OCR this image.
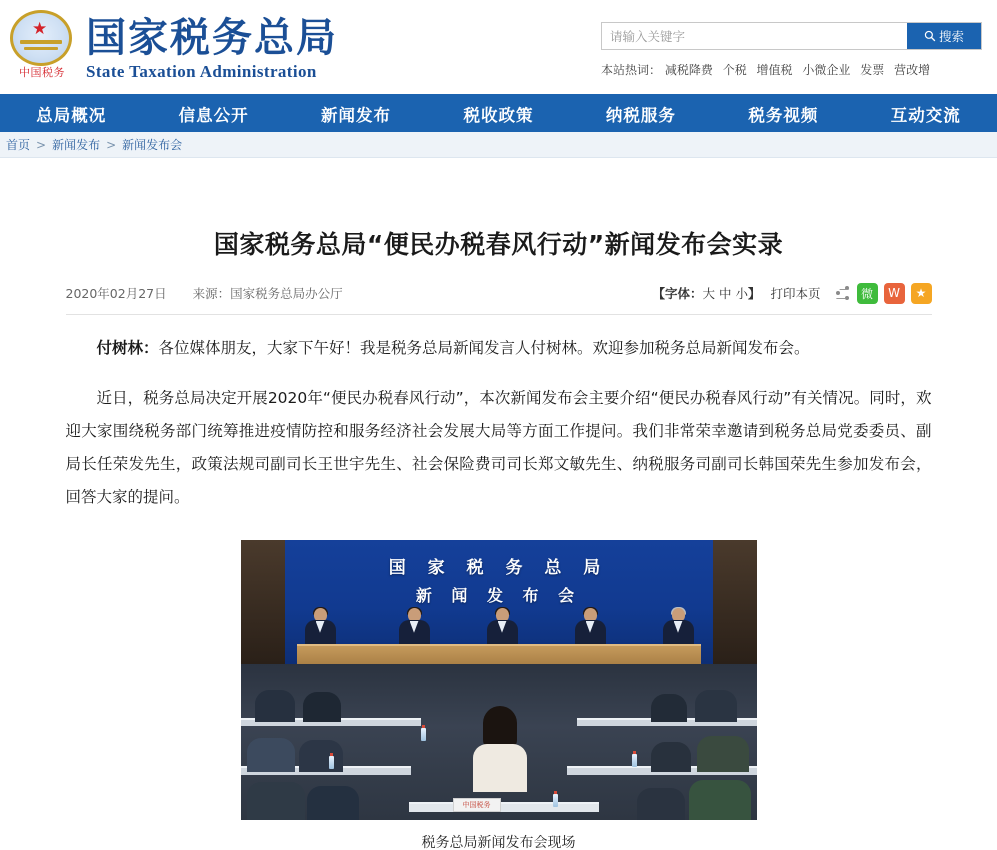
★
中国税务
国家税务总局
State Taxation Administration
请输入关键字
搜索
本站热词： 减税降费 个税 增值税 小微企业 发票 营改增
总局概况	信息公开	新闻发布	税收政策	纳税服务	税务视频	互动交流
首页 > 新闻发布 > 新闻发布会
国家税务总局“便民办税春风行动”新闻发布会实录
2020年02月27日 来源：国家税务总局办公厅	【字体：大 中 小】 打印本页	微	W	★

付树林：各位媒体朋友，大家下午好！我是税务总局新闻发言人付树林。欢迎参加税务总局新闻发布会。

近日，税务总局决定开展2020年“便民办税春风行动”，本次新闻发布会主要介绍“便民办税春风行动”有关情况。同时，欢迎大家围绕税务部门统筹推进疫情防控和服务经济社会发展大局等方面工作提问。我们非常荣幸邀请到税务总局党委委员、副局长任荣发先生，政策法规司副司长王世宇先生、社会保险费司司长郑文敏先生、纳税服务司副司长韩国荣先生参加发布会，回答大家的提问。

国 家 税 务 总 局
新 闻 发 布 会
中国税务
税务总局新闻发布会现场
